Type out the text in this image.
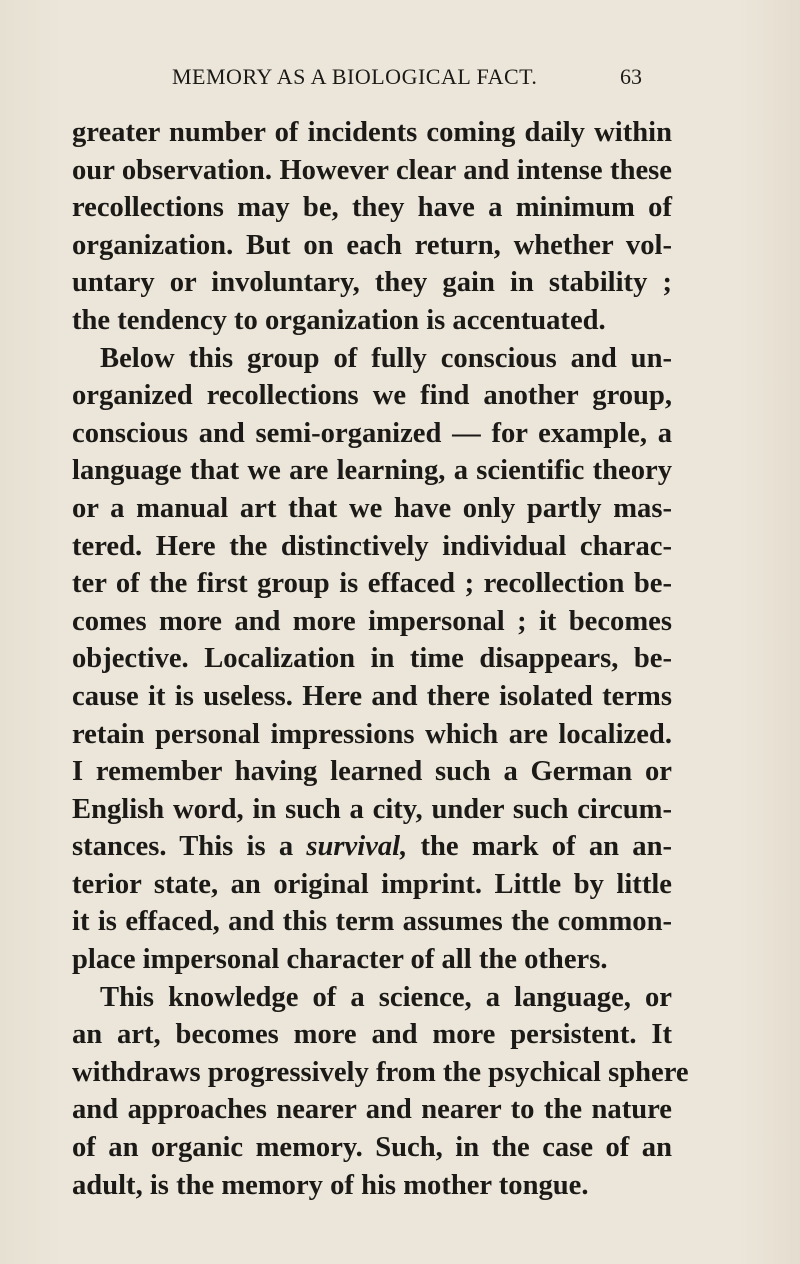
MEMORY AS A BIOLOGICAL FACT.	63
greater number of incidents coming daily within
our observation. However clear and intense these
recollections may be, they have a minimum of
organization. But on each return, whether vol-
untary or involuntary, they gain in stability ;
the tendency to organization is accentuated.
Below this group of fully conscious and un-
organized recollections we find another group,
conscious and semi-organized — for example, a
language that we are learning, a scientific theory
or a manual art that we have only partly mas-
tered. Here the distinctively individual charac-
ter of the first group is effaced ; recollection be-
comes more and more impersonal ; it becomes
objective. Localization in time disappears, be-
cause it is useless. Here and there isolated terms
retain personal impressions which are localized.
I remember having learned such a German or
English word, in such a city, under such circum-
stances. This is a survival, the mark of an an-
terior state, an original imprint. Little by little
it is effaced, and this term assumes the common-
place impersonal character of all the others.
This knowledge of a science, a language, or
an art, becomes more and more persistent. It
withdraws progressively from the psychical sphere
and approaches nearer and nearer to the nature
of an organic memory. Such, in the case of an
adult, is the memory of his mother tongue.
